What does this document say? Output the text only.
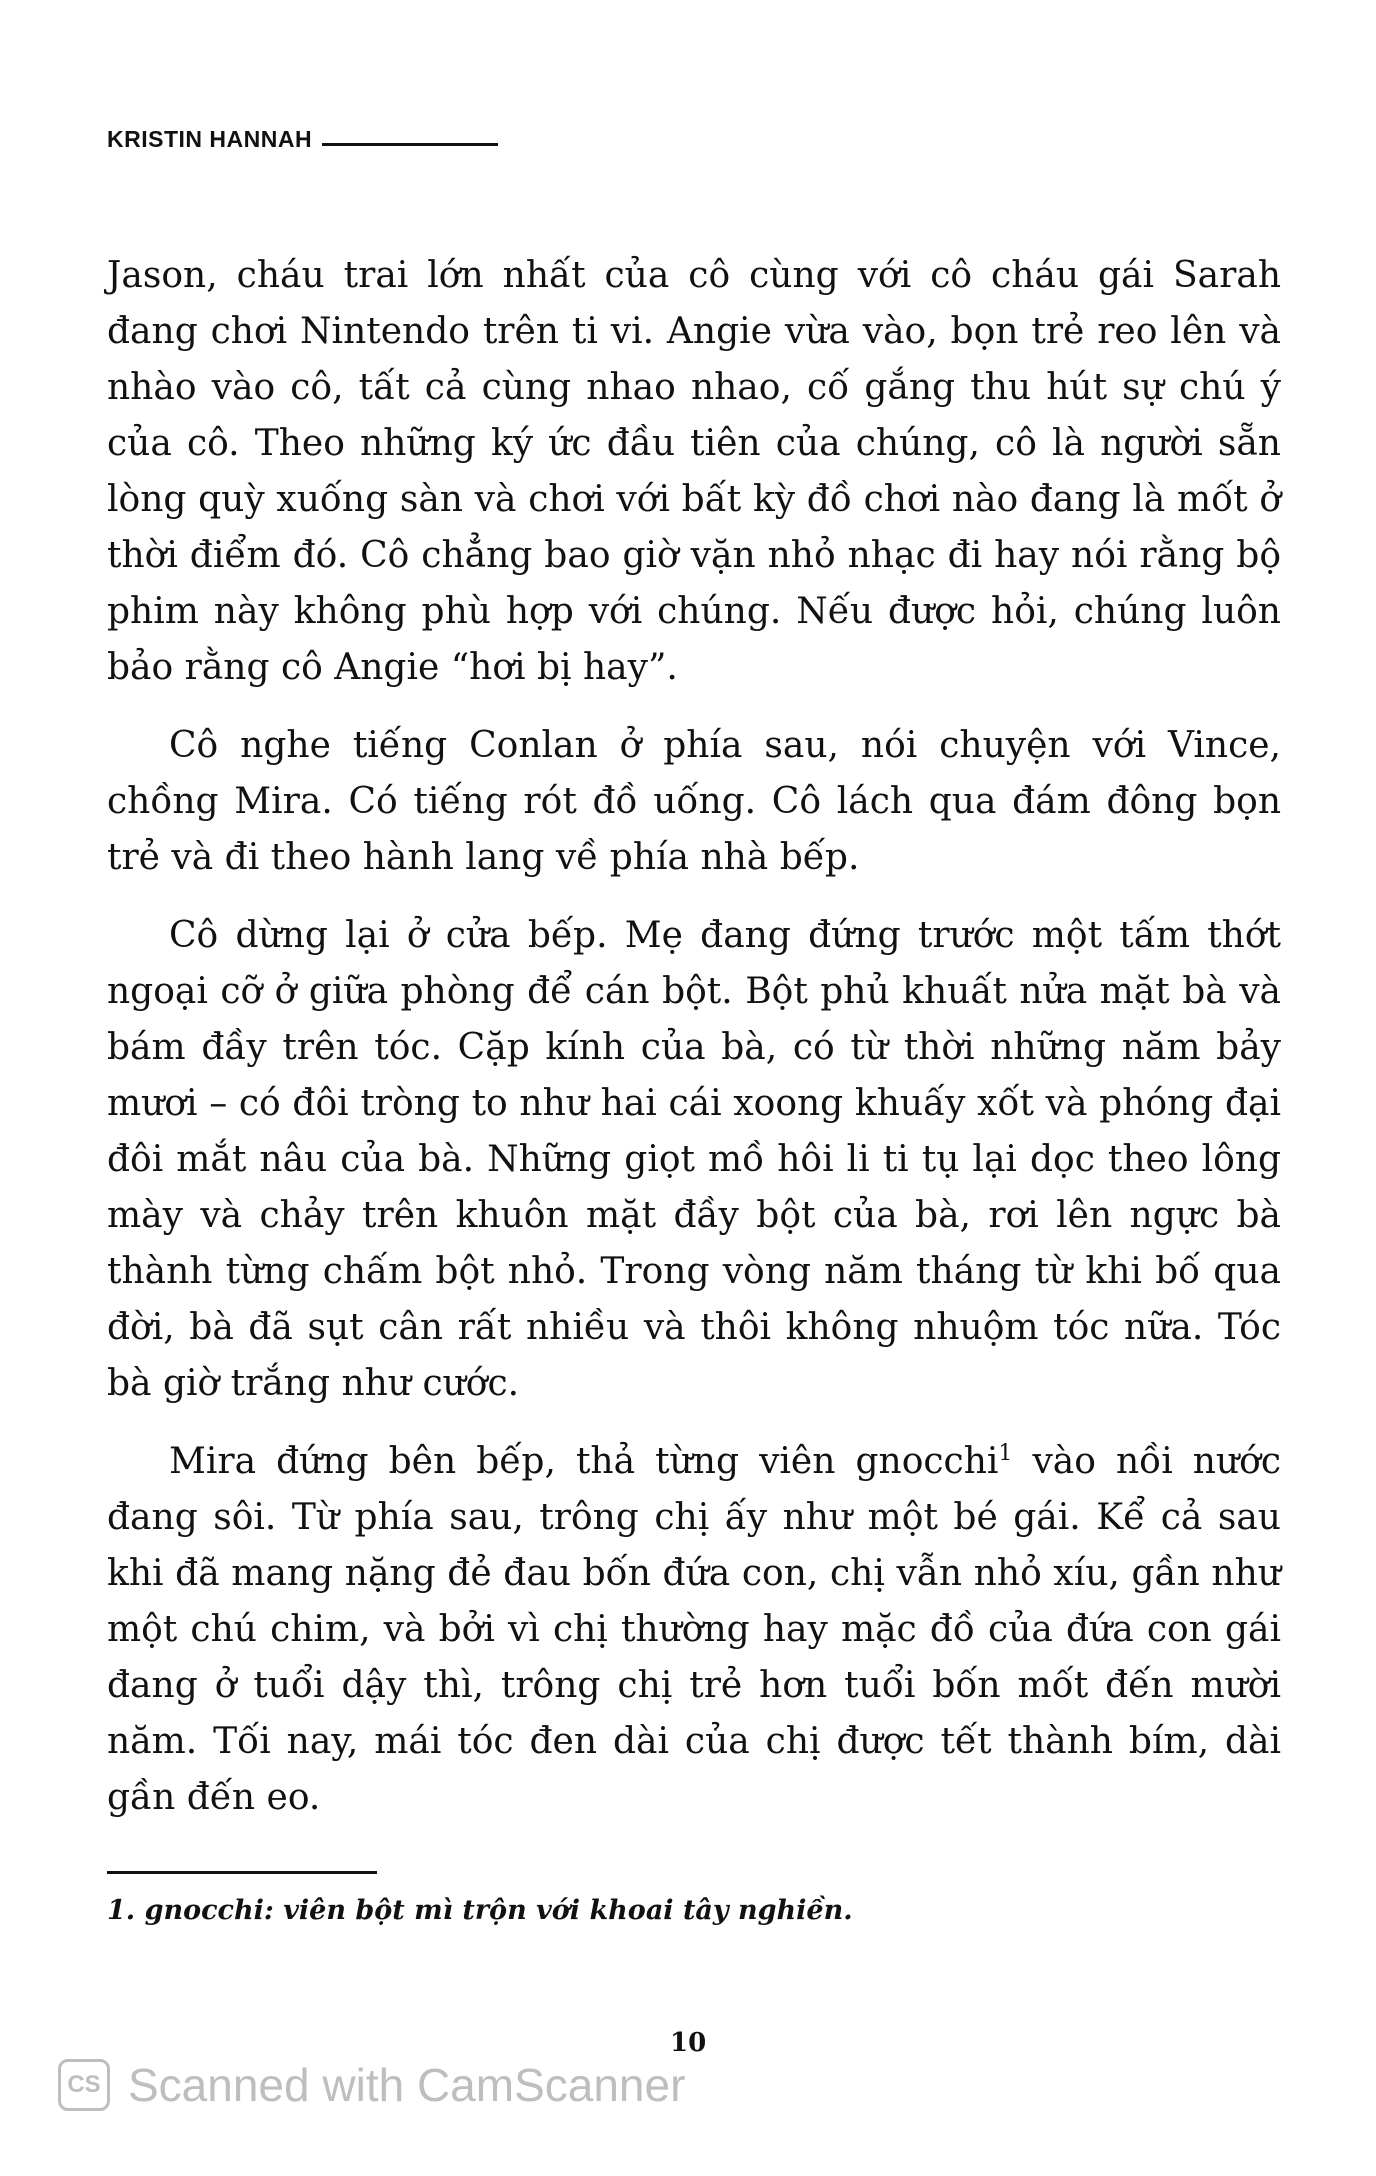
KRISTIN HANNAH

Jason, cháu trai lớn nhất của cô cùng với cô cháu gái Sarah đang chơi Nintendo trên ti vi. Angie vừa vào, bọn trẻ reo lên và nhào vào cô, tất cả cùng nhao nhao, cố gắng thu hút sự chú ý của cô. Theo những ký ức đầu tiên của chúng, cô là người sẵn lòng quỳ xuống sàn và chơi với bất kỳ đồ chơi nào đang là mốt ở thời điểm đó. Cô chẳng bao giờ vặn nhỏ nhạc đi hay nói rằng bộ phim này không phù hợp với chúng. Nếu được hỏi, chúng luôn bảo rằng cô Angie “hơi bị hay”.

Cô nghe tiếng Conlan ở phía sau, nói chuyện với Vince, chồng Mira. Có tiếng rót đồ uống. Cô lách qua đám đông bọn trẻ và đi theo hành lang về phía nhà bếp.

Cô dừng lại ở cửa bếp. Mẹ đang đứng trước một tấm thớt ngoại cỡ ở giữa phòng để cán bột. Bột phủ khuất nửa mặt bà và bám đầy trên tóc. Cặp kính của bà, có từ thời những năm bảy mươi – có đôi tròng to như hai cái xoong khuấy xốt và phóng đại đôi mắt nâu của bà. Những giọt mồ hôi li ti tụ lại dọc theo lông mày và chảy trên khuôn mặt đầy bột của bà, rơi lên ngực bà thành từng chấm bột nhỏ. Trong vòng năm tháng từ khi bố qua đời, bà đã sụt cân rất nhiều và thôi không nhuộm tóc nữa. Tóc bà giờ trắng như cước.

Mira đứng bên bếp, thả từng viên gnocchi$^1$ vào nồi nước đang sôi. Từ phía sau, trông chị ấy như một bé gái. Kể cả sau khi đã mang nặng đẻ đau bốn đứa con, chị vẫn nhỏ xíu, gần như một chú chim, và bởi vì chị thường hay mặc đồ của đứa con gái đang ở tuổi dậy thì, trông chị trẻ hơn tuổi bốn mốt đến mười năm. Tối nay, mái tóc đen dài của chị được tết thành bím, dài gần đến eo.

1. gnocchi: viên bột mì trộn với khoai tây nghiền.
10
CS Scanned with CamScanner
